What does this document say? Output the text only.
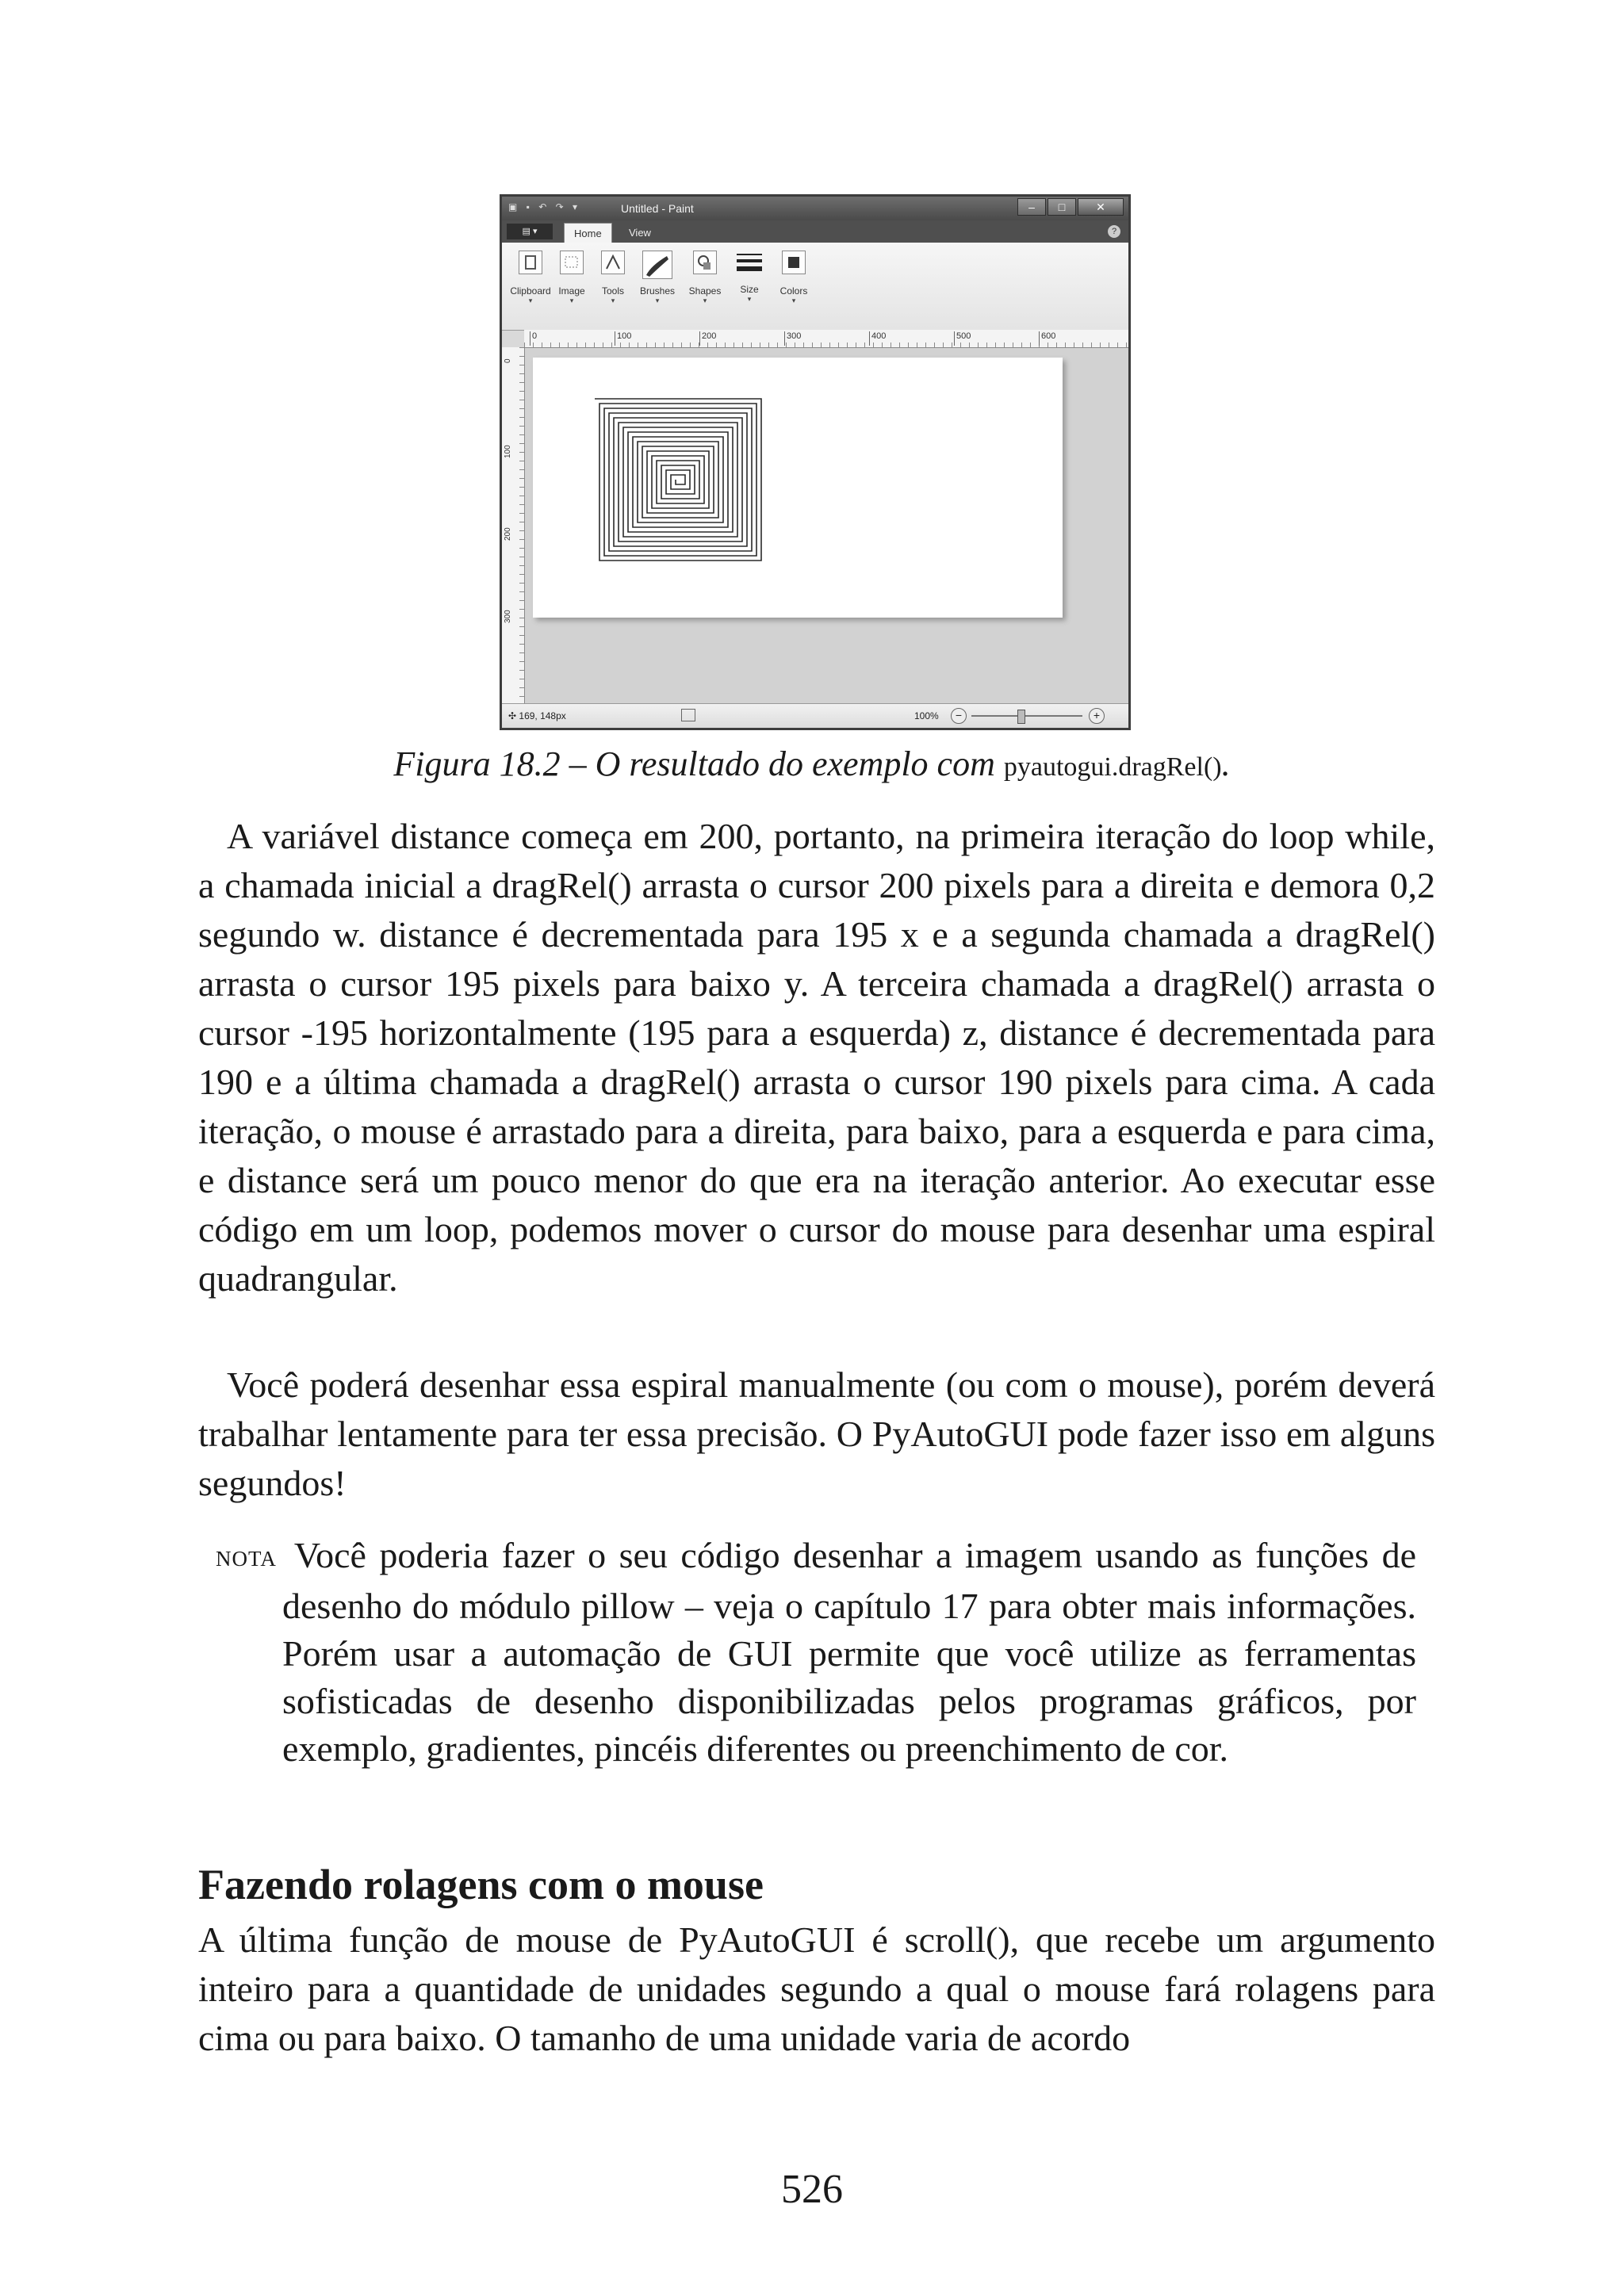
▣ ▪ ↶ ↷ ▾	Untitled - Paint	–	□	✕
▤ ▾	Home	View	?
Clipboard
▾
Image
▾
Tools
▾
Brushes
▾
Shapes
▾
Size
▾
Colors
▾
0	100	200	300	400	500	600
0
100
200
300
✣ 169, 148px	100%	−	+
Figura 18.2 – O resultado do exemplo com pyautogui.dragRel().

A variável distance começa em 200, portanto, na primeira iteração do loop while, a chamada inicial a dragRel() arrasta o cursor 200 pixels para a direita e demora 0,2 segundo w. distance é decrementada para 195 x e a segunda chamada a dragRel() arrasta o cursor 195 pixels para baixo y. A terceira chamada a dragRel() arrasta o cursor -195 horizontalmente (195 para a esquerda) z, distance é decrementada para 190 e a última chamada a dragRel() arrasta o cursor 190 pixels para cima. A cada iteração, o mouse é arrastado para a direita, para baixo, para a esquerda e para cima, e distance será um pouco menor do que era na iteração anterior. Ao executar esse código em um loop, podemos mover o cursor do mouse para desenhar uma espiral quadrangular.

Você poderá desenhar essa espiral manualmente (ou com o mouse), porém deverá trabalhar lentamente para ter essa precisão. O PyAutoGUI pode fazer isso em alguns segundos!

NOTA Você poderia fazer o seu código desenhar a imagem usando as funções de desenho do módulo pillow – veja o capítulo 17 para obter mais informações. Porém usar a automação de GUI permite que você utilize as ferramentas sofisticadas de desenho disponibilizadas pelos programas gráficos, por exemplo, gradientes, pincéis diferentes ou preenchimento de cor.
Fazendo rolagens com o mouse

A última função de mouse de PyAutoGUI é scroll(), que recebe um argumento inteiro para a quantidade de unidades segundo a qual o mouse fará rolagens para cima ou para baixo. O tamanho de uma unidade varia de acordo

526
